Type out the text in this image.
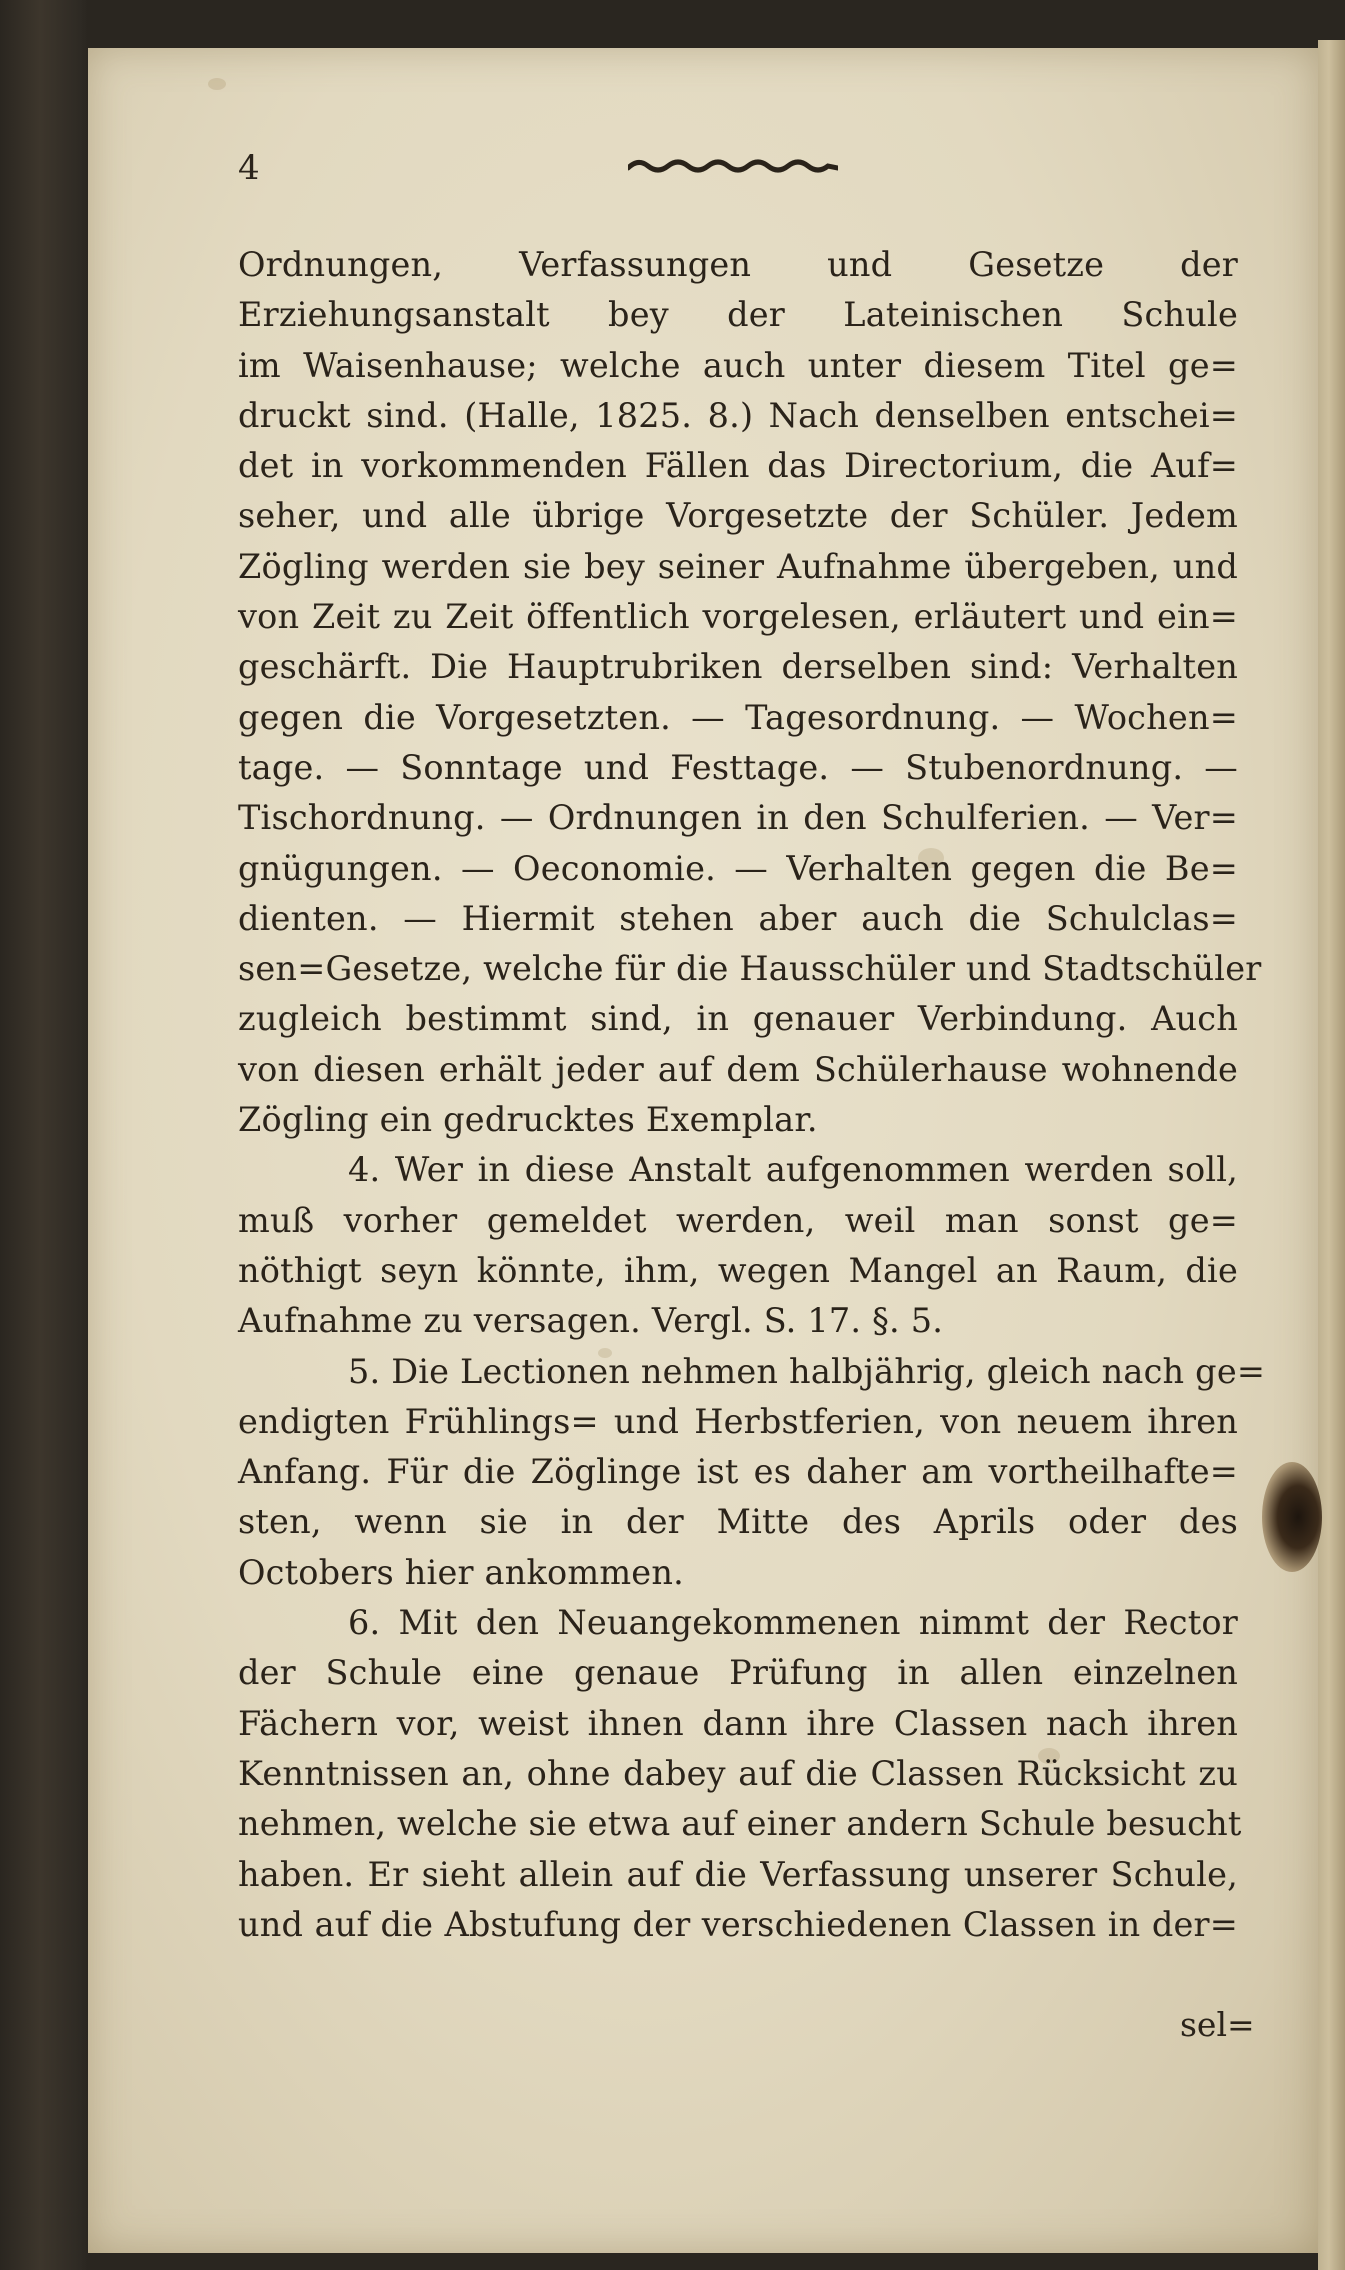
4
Ordnungen, Verfassungen und Gesetze der
Erziehungsanstalt bey der Lateinischen Schule
im Waisenhause; welche auch unter diesem Titel ge=
druckt sind. (Halle, 1825. 8.) Nach denselben entschei=
det in vorkommenden Fällen das Directorium, die Auf=
seher, und alle übrige Vorgesetzte der Schüler. Jedem
Zögling werden sie bey seiner Aufnahme übergeben, und
von Zeit zu Zeit öffentlich vorgelesen, erläutert und ein=
geschärft. Die Hauptrubriken derselben sind: Verhalten
gegen die Vorgesetzten. — Tagesordnung. — Wochen=
tage. — Sonntage und Festtage. — Stubenordnung. —
Tischordnung. — Ordnungen in den Schulferien. — Ver=
gnügungen. — Oeconomie. — Verhalten gegen die Be=
dienten. — Hiermit stehen aber auch die Schulclas=
sen=Gesetze, welche für die Hausschüler und Stadtschüler
zugleich bestimmt sind, in genauer Verbindung. Auch
von diesen erhält jeder auf dem Schülerhause wohnende
Zögling ein gedrucktes Exemplar.
4. Wer in diese Anstalt aufgenommen werden soll,
muß vorher gemeldet werden, weil man sonst ge=
nöthigt seyn könnte, ihm, wegen Mangel an Raum, die
Aufnahme zu versagen. Vergl. S. 17. §. 5.
5. Die Lectionen nehmen halbjährig, gleich nach ge=
endigten Frühlings= und Herbstferien, von neuem ihren
Anfang. Für die Zöglinge ist es daher am vortheilhafte=
sten, wenn sie in der Mitte des Aprils oder des
Octobers hier ankommen.
6. Mit den Neuangekommenen nimmt der Rector
der Schule eine genaue Prüfung in allen einzelnen
Fächern vor, weist ihnen dann ihre Classen nach ihren
Kenntnissen an, ohne dabey auf die Classen Rücksicht zu
nehmen, welche sie etwa auf einer andern Schule besucht
haben. Er sieht allein auf die Verfassung unserer Schule,
und auf die Abstufung der verschiedenen Classen in der=
sel=
